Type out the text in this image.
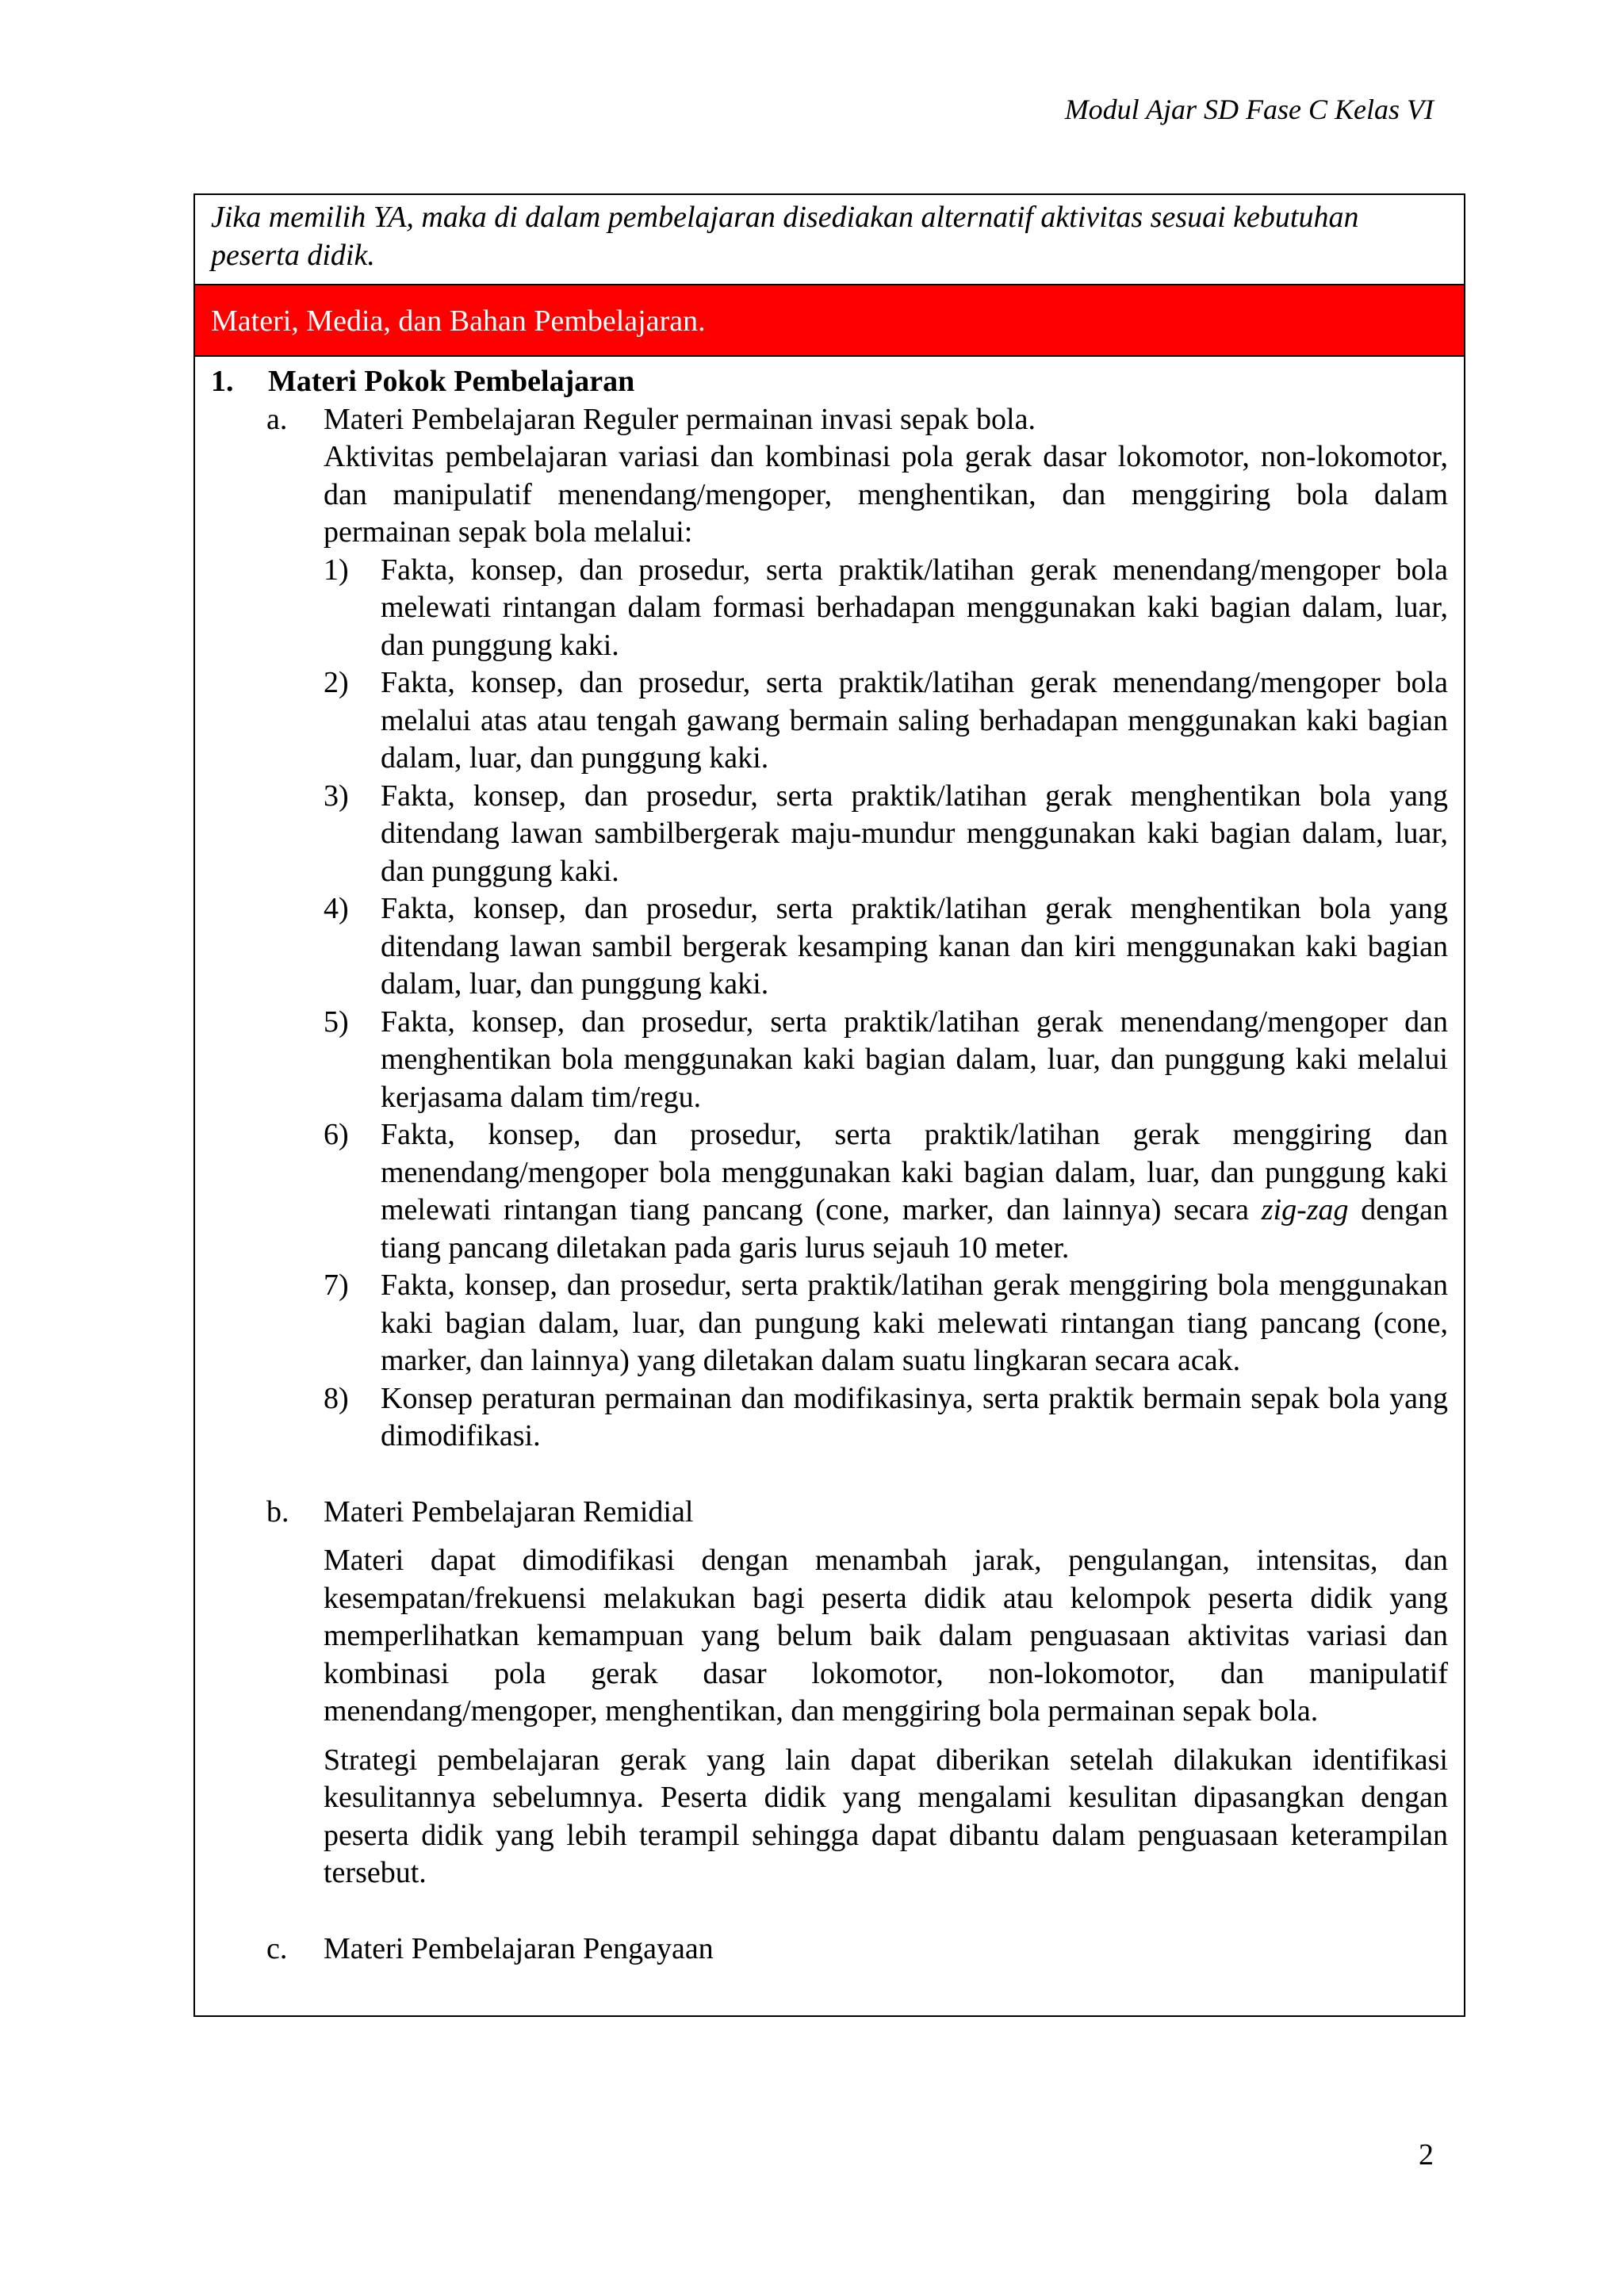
Modul Ajar SD Fase C Kelas VI
Jika memilih YA, maka di dalam pembelajaran disediakan alternatif aktivitas sesuai kebutuhan peserta didik.
Materi, Media, dan Bahan Pembelajaran.
1.	Materi Pokok Pembelajaran
a.	Materi Pembelajaran Reguler permainan invasi sepak bola.

Aktivitas pembelajaran variasi dan kombinasi pola gerak dasar lokomotor, non-lokomotor, dan manipulatif menendang/mengoper, menghentikan, dan menggiring bola dalam permainan sepak bola melalui:

1)	Fakta, konsep, dan prosedur, serta praktik/latihan gerak menendang/mengoper bola melewati rintangan dalam formasi berhadapan menggunakan kaki bagian dalam, luar, dan punggung kaki.
2)	Fakta, konsep, dan prosedur, serta praktik/latihan gerak menendang/mengoper bola melalui atas atau tengah gawang bermain saling berhadapan menggunakan kaki bagian dalam, luar, dan punggung kaki.
3)	Fakta, konsep, dan prosedur, serta praktik/latihan gerak menghentikan bola yang ditendang lawan sambilbergerak maju-mundur menggunakan kaki bagian dalam, luar, dan punggung kaki.
4)	Fakta, konsep, dan prosedur, serta praktik/latihan gerak menghentikan bola yang ditendang lawan sambil bergerak kesamping kanan dan kiri menggunakan kaki bagian dalam, luar, dan punggung kaki.
5)	Fakta, konsep, dan prosedur, serta praktik/latihan gerak menendang/mengoper dan menghentikan bola menggunakan kaki bagian dalam, luar, dan punggung kaki melalui kerjasama dalam tim/regu.
6)	Fakta, konsep, dan prosedur, serta praktik/latihan gerak menggiring dan menendang/mengoper bola menggunakan kaki bagian dalam, luar, dan punggung kaki melewati rintangan tiang pancang (cone, marker, dan lainnya) secara zig-zag dengan tiang pancang diletakan pada garis lurus sejauh 10 meter.
7)	Fakta, konsep, dan prosedur, serta praktik/latihan gerak menggiring bola menggunakan kaki bagian dalam, luar, dan pungung kaki melewati rintangan tiang pancang (cone, marker, dan lainnya) yang diletakan dalam suatu lingkaran secara acak.
8)	Konsep peraturan permainan dan modifikasinya, serta praktik bermain sepak bola yang dimodifikasi.
b.	Materi Pembelajaran Remidial

Materi dapat dimodifikasi dengan menambah jarak, pengulangan, intensitas, dan kesempatan/frekuensi melakukan bagi peserta didik atau kelompok peserta didik yang memperlihatkan kemampuan yang belum baik dalam penguasaan aktivitas variasi dan kombinasi pola gerak dasar lokomotor, non-lokomotor, dan manipulatif menendang/mengoper, menghentikan, dan menggiring bola permainan sepak bola.

Strategi pembelajaran gerak yang lain dapat diberikan setelah dilakukan identifikasi kesulitannya sebelumnya. Peserta didik yang mengalami kesulitan dipasangkan dengan peserta didik yang lebih terampil sehingga dapat dibantu dalam penguasaan keterampilan tersebut.

c.	Materi Pembelajaran Pengayaan
2
